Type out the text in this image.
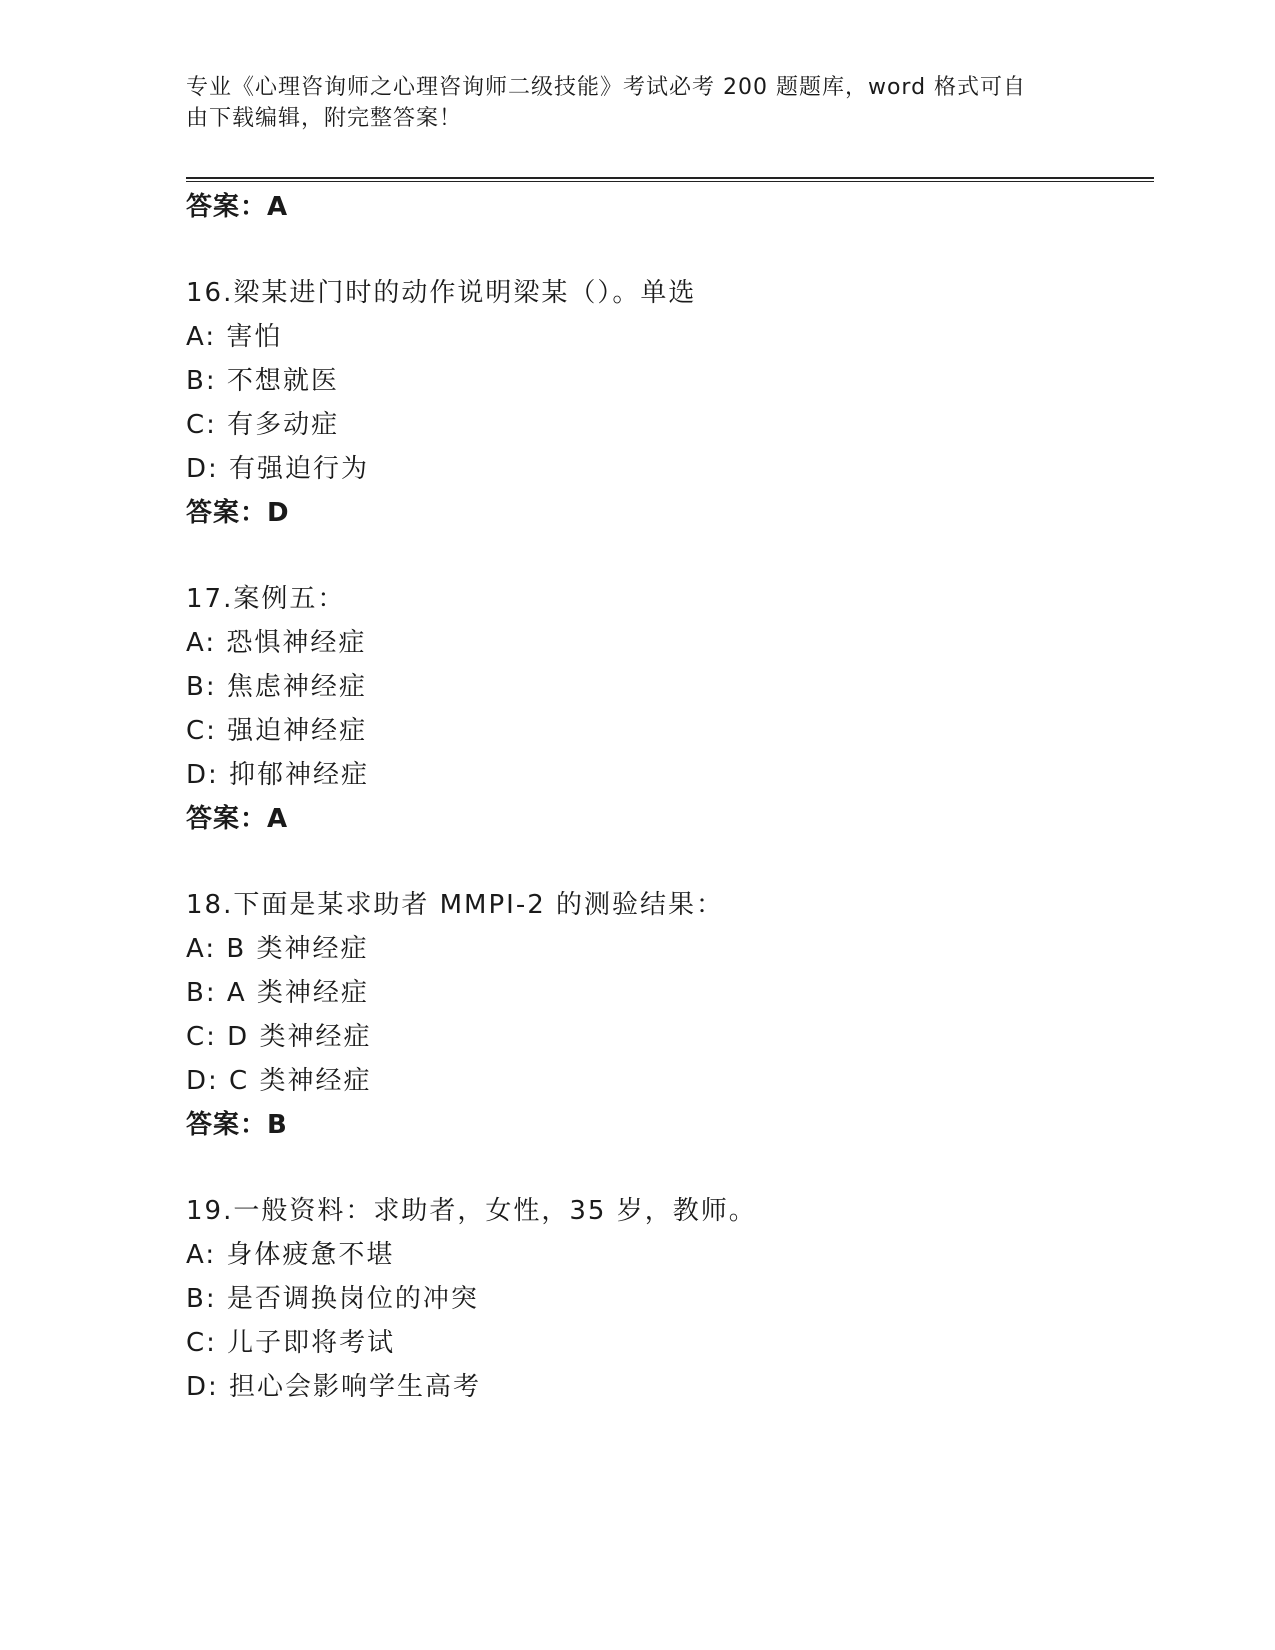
专业《心理咨询师之心理咨询师二级技能》考试必考 200 题题库，word 格式可自
由下载编辑，附完整答案！
答案：A
16.梁某进门时的动作说明梁某（）。单选
A: 害怕
B: 不想就医
C: 有多动症
D: 有强迫行为
答案：D
17.案例五：
A: 恐惧神经症
B: 焦虑神经症
C: 强迫神经症
D: 抑郁神经症
答案：A
18.下面是某求助者 MMPI-2 的测验结果：
A: B 类神经症
B: A 类神经症
C: D 类神经症
D: C 类神经症
答案：B
19.一般资料：求助者，女性，35 岁，教师。
A: 身体疲惫不堪
B: 是否调换岗位的冲突
C: 儿子即将考试
D: 担心会影响学生高考
